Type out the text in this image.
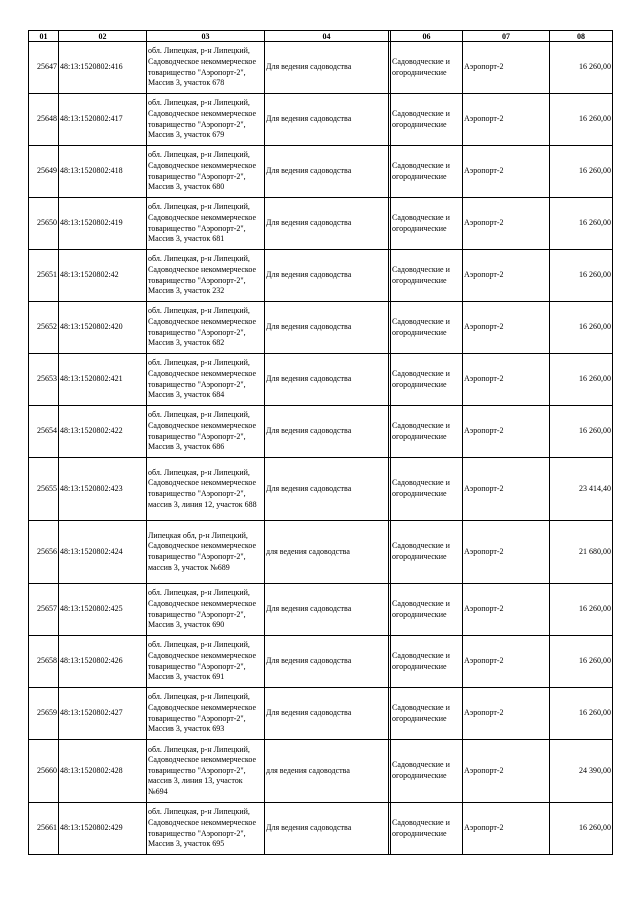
01	02	03	04		06	07	08
25647	48:13:1520802:416	обл. Липецкая, р-н Липецкий, Садоводческое некоммерческое товарищество "Аэропорт-2", Массив 3, участок 678	Для ведения садоводства		Садоводческие и огороднические	Аэропорт-2	16 260,00
25648	48:13:1520802:417	обл. Липецкая, р-н Липецкий, Садоводческое некоммерческое товарищество "Аэропорт-2", Массив 3, участок 679	Для ведения садоводства		Садоводческие и огороднические	Аэропорт-2	16 260,00
25649	48:13:1520802:418	обл. Липецкая, р-н Липецкий, Садоводческое некоммерческое товарищество "Аэропорт-2", Массив 3, участок 680	Для ведения садоводства		Садоводческие и огороднические	Аэропорт-2	16 260,00
25650	48:13:1520802:419	обл. Липецкая, р-н Липецкий, Садоводческое некоммерческое товарищество "Аэропорт-2", Массив 3, участок 681	Для ведения садоводства		Садоводческие и огороднические	Аэропорт-2	16 260,00
25651	48:13:1520802:42	обл. Липецкая, р-н Липецкий, Садоводческое некоммерческое товарищество "Аэропорт-2", Массив 3, участок 232	Для ведения садоводства		Садоводческие и огороднические	Аэропорт-2	16 260,00
25652	48:13:1520802:420	обл. Липецкая, р-н Липецкий, Садоводческое некоммерческое товарищество "Аэропорт-2", Массив 3, участок 682	Для ведения садоводства		Садоводческие и огороднические	Аэропорт-2	16 260,00
25653	48:13:1520802:421	обл. Липецкая, р-н Липецкий, Садоводческое некоммерческое товарищество "Аэропорт-2", Массив 3, участок 684	Для ведения садоводства		Садоводческие и огороднические	Аэропорт-2	16 260,00
25654	48:13:1520802:422	обл. Липецкая, р-н Липецкий, Садоводческое некоммерческое товарищество "Аэропорт-2", Массив 3, участок 686	Для ведения садоводства		Садоводческие и огороднические	Аэропорт-2	16 260,00
25655	48:13:1520802:423	обл. Липецкая, р-н Липецкий, Садоводческое некоммерческое товарищество "Аэропорт-2", массив 3, линия 12, участок 688	Для ведения садоводства		Садоводческие и огороднические	Аэропорт-2	23 414,40
25656	48:13:1520802:424	Липецкая обл, р-н Липецкий, Садоводческое некоммерческое товарищество "Аэропорт-2", массив 3, участок №689	для ведения садоводства		Садоводческие и огороднические	Аэропорт-2	21 680,00
25657	48:13:1520802:425	обл. Липецкая, р-н Липецкий, Садоводческое некоммерческое товарищество "Аэропорт-2", Массив 3, участок 690	Для ведения садоводства		Садоводческие и огороднические	Аэропорт-2	16 260,00
25658	48:13:1520802:426	обл. Липецкая, р-н Липецкий, Садоводческое некоммерческое товарищество "Аэропорт-2", Массив 3, участок 691	Для ведения садоводства		Садоводческие и огороднические	Аэропорт-2	16 260,00
25659	48:13:1520802:427	обл. Липецкая, р-н Липецкий, Садоводческое некоммерческое товарищество "Аэропорт-2", Массив 3, участок 693	Для ведения садоводства		Садоводческие и огороднические	Аэропорт-2	16 260,00
25660	48:13:1520802:428	обл. Липецкая, р-н Липецкий, Садоводческое некоммерческое товарищество "Аэропорт-2", массив 3, линия 13, участок №694	для ведения садоводства		Садоводческие и огороднические	Аэропорт-2	24 390,00
25661	48:13:1520802:429	обл. Липецкая, р-н Липецкий, Садоводческое некоммерческое товарищество "Аэропорт-2", Массив 3, участок 695	Для ведения садоводства		Садоводческие и огороднические	Аэропорт-2	16 260,00
